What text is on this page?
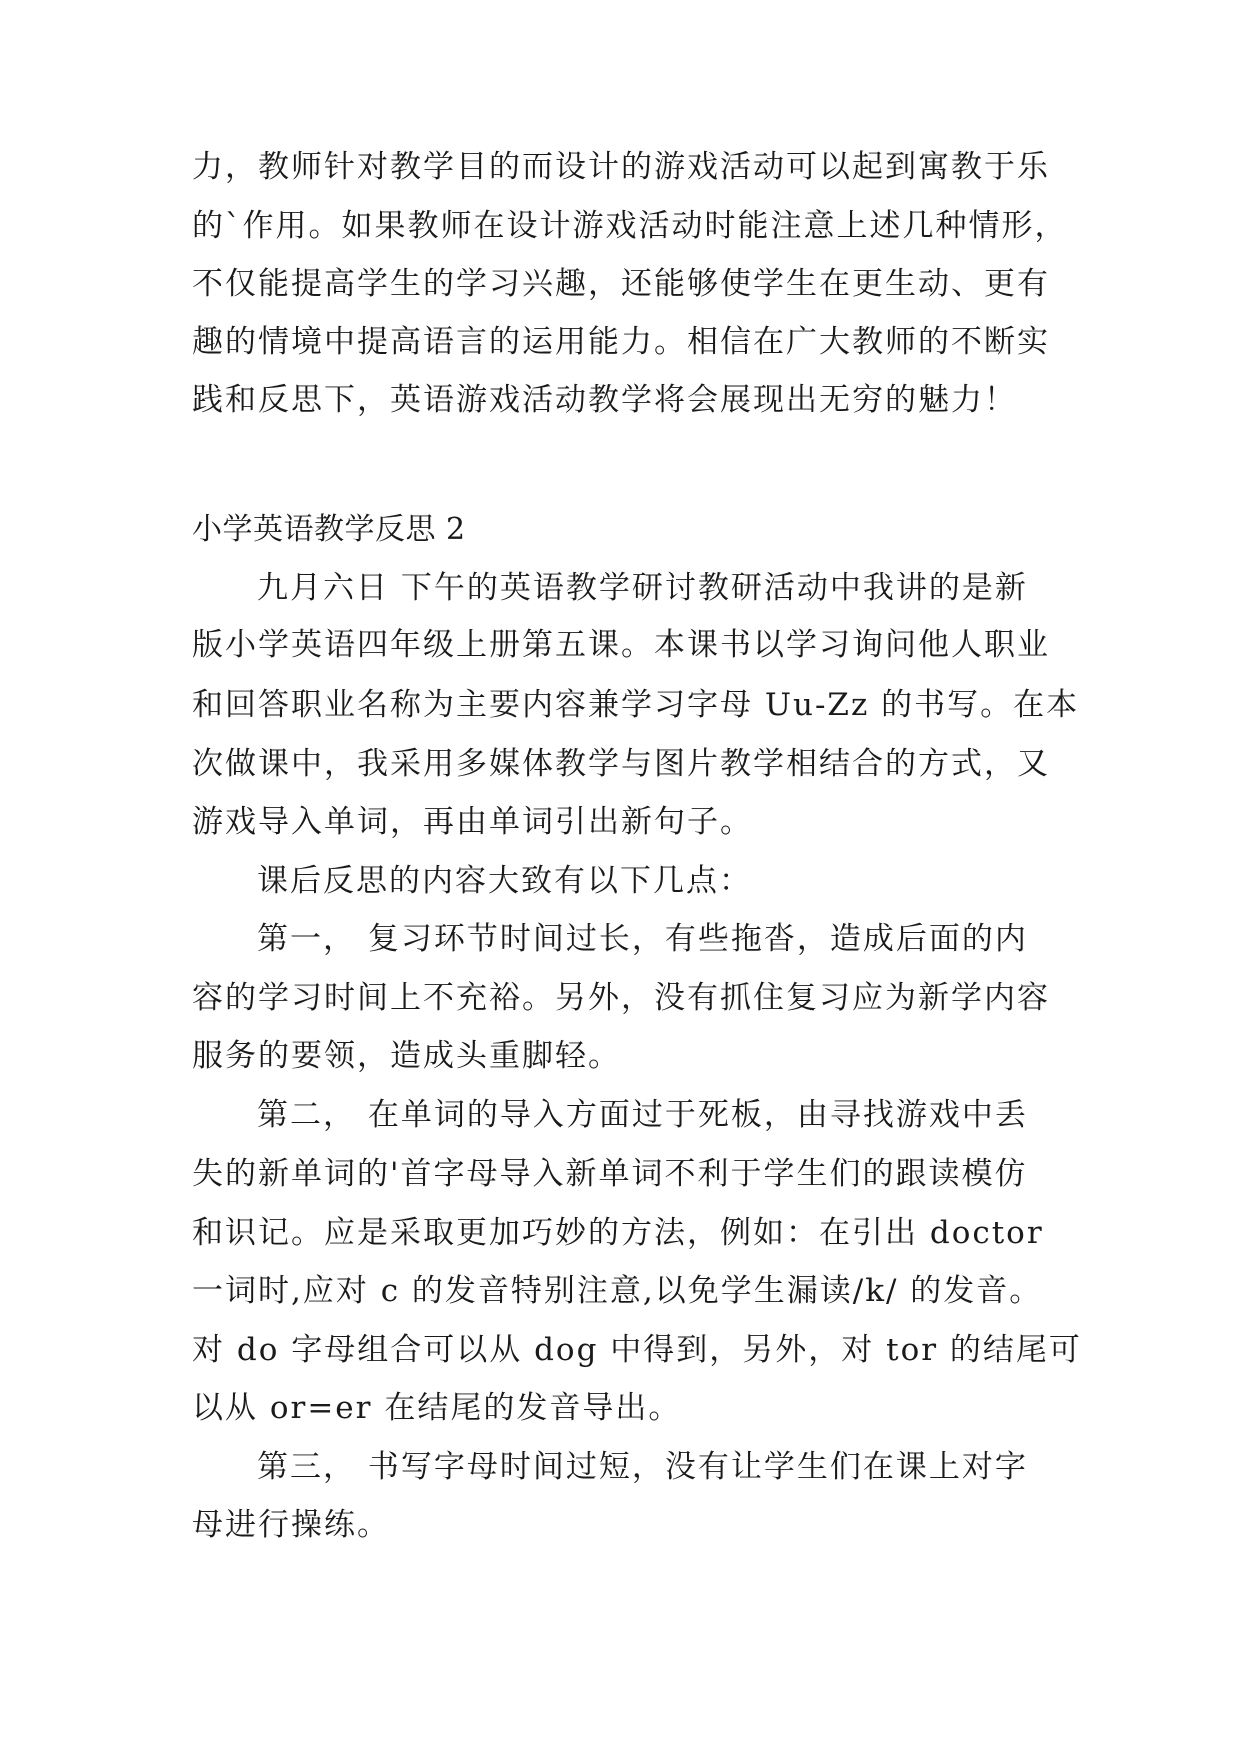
力，教师针对教学目的而设计的游戏活动可以起到寓教于乐
的`作用。如果教师在设计游戏活动时能注意上述几种情形，
不仅能提高学生的学习兴趣，还能够使学生在更生动、更有
趣的情境中提高语言的运用能力。相信在广大教师的不断实
践和反思下，英语游戏活动教学将会展现出无穷的魅力！
小学英语教学反思 2
九月六日 下午的英语教学研讨教研活动中我讲的是新
版小学英语四年级上册第五课。本课书以学习询问他人职业
和回答职业名称为主要内容兼学习字母 Uu-Zz 的书写。在本
次做课中，我采用多媒体教学与图片教学相结合的方式，又
游戏导入单词，再由单词引出新句子。
课后反思的内容大致有以下几点：
第一， 复习环节时间过长，有些拖沓，造成后面的内
容的学习时间上不充裕。另外，没有抓住复习应为新学内容
服务的要领，造成头重脚轻。
第二， 在单词的导入方面过于死板，由寻找游戏中丢
失的新单词的'首字母导入新单词不利于学生们的跟读模仿
和识记。应是采取更加巧妙的方法，例如：在引出 doctor
一词时,应对 c 的发音特别注意,以免学生漏读/k/ 的发音。
对 do 字母组合可以从 dog 中得到，另外，对 tor 的结尾可
以从 or=er 在结尾的发音导出。
第三， 书写字母时间过短，没有让学生们在课上对字
母进行操练。
